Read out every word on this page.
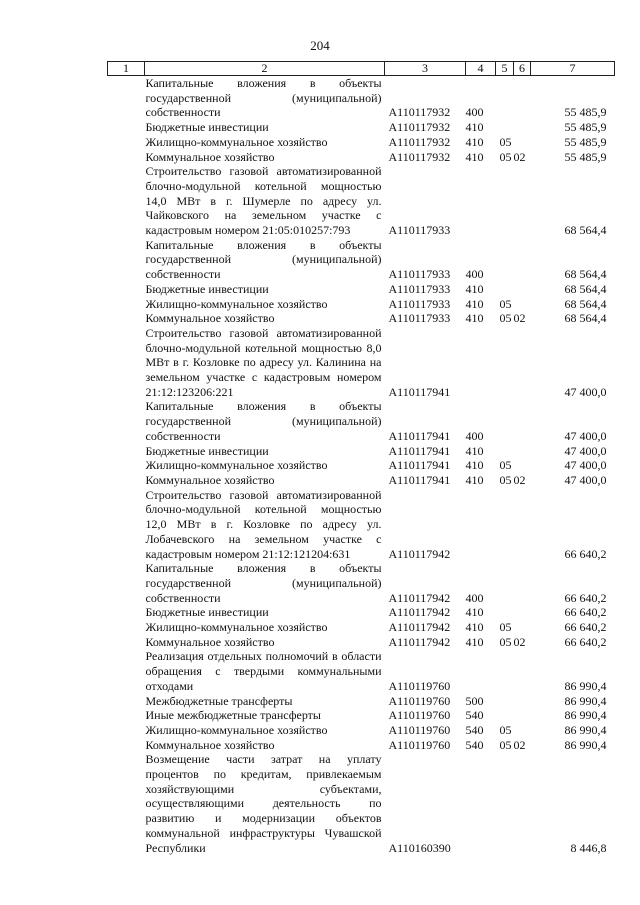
204
1	2	3	4	5	6	7
	Капитальные вложения в объекты государственной (муниципальной) собственности	А110117932	400			55 485,9
	Бюджетные инвестиции	А110117932	410			55 485,9
	Жилищно-коммунальное хозяйство	А110117932	410	05		55 485,9
	Коммунальное хозяйство	А110117932	410	05	02	55 485,9
	Строительство газовой автоматизированной блочно-модульной котельной мощностью 14,0 МВт в г. Шумерле по адресу ул. Чайковского на земельном участке с кадастровым номером 21:05:010257:793	А110117933				68 564,4
	Капитальные вложения в объекты государственной (муниципальной) собственности	А110117933	400			68 564,4
	Бюджетные инвестиции	А110117933	410			68 564,4
	Жилищно-коммунальное хозяйство	А110117933	410	05		68 564,4
	Коммунальное хозяйство	А110117933	410	05	02	68 564,4
	Строительство газовой автоматизированной блочно-модульной котельной мощностью 8,0 МВт в г. Козловке по адресу ул. Калинина на земельном участке с кадастровым номером 21:12:123206:221	А110117941				47 400,0
	Капитальные вложения в объекты государственной (муниципальной) собственности	А110117941	400			47 400,0
	Бюджетные инвестиции	А110117941	410			47 400,0
	Жилищно-коммунальное хозяйство	А110117941	410	05		47 400,0
	Коммунальное хозяйство	А110117941	410	05	02	47 400,0
	Строительство газовой автоматизированной блочно-модульной котельной мощностью 12,0 МВт в г. Козловке по адресу ул. Лобачевского на земельном участке с кадастровым номером 21:12:121204:631	А110117942				66 640,2
	Капитальные вложения в объекты государственной (муниципальной) собственности	А110117942	400			66 640,2
	Бюджетные инвестиции	А110117942	410			66 640,2
	Жилищно-коммунальное хозяйство	А110117942	410	05		66 640,2
	Коммунальное хозяйство	А110117942	410	05	02	66 640,2
	Реализация отдельных полномочий в области обращения с твердыми коммунальными отходами	А110119760				86 990,4
	Межбюджетные трансферты	А110119760	500			86 990,4
	Иные межбюджетные трансферты	А110119760	540			86 990,4
	Жилищно-коммунальное хозяйство	А110119760	540	05		86 990,4
	Коммунальное хозяйство	А110119760	540	05	02	86 990,4
	Возмещение части затрат на уплату процентов по кредитам, привлекаемым хозяйствующими субъектами, осуществляющими деятельность по развитию и модернизации объектов коммунальной инфраструктуры Чувашской Республики	А110160390				8 446,8
